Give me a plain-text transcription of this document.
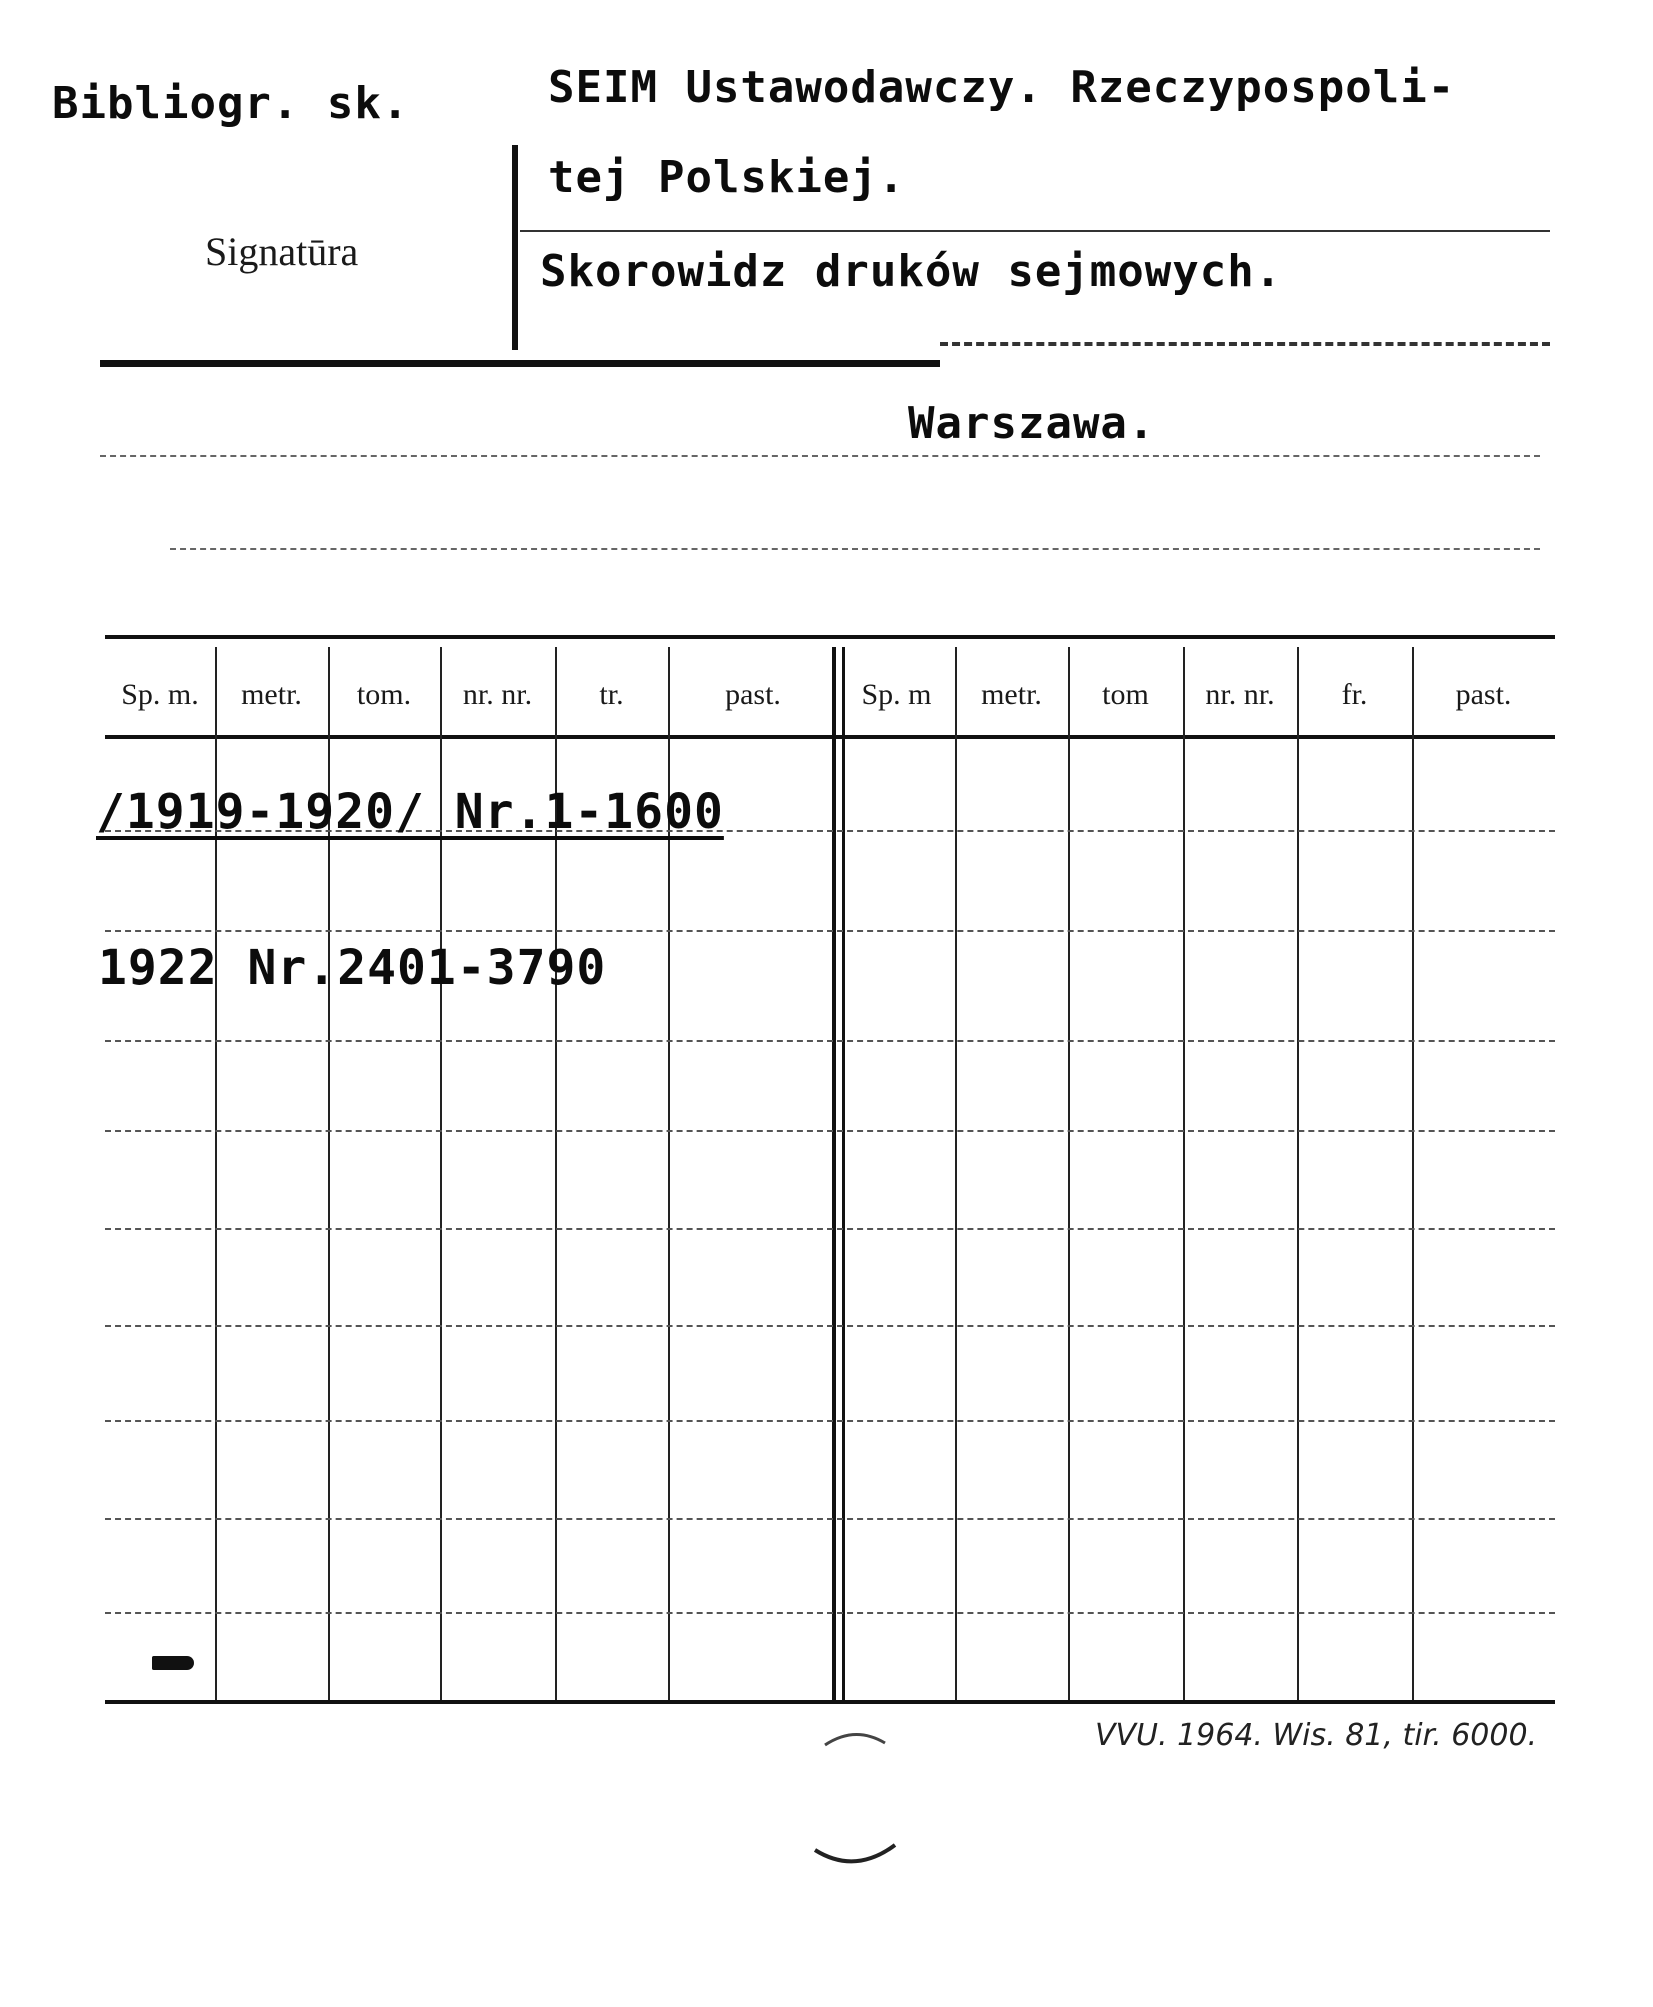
Bibliogr. sk.
Signatūra
SEIM Ustawodawczy. Rzeczypospoli-
tej Polskiej.
Skorowidz druków sejmowych.
Warszawa.
Sp. m.	metr.	tom.	nr. nr.	tr.	past.	Sp. m	metr.	tom	nr. nr.	fr.	past.
/1919-1920/ Nr.1-1600
1922 Nr.2401-3790
VVU. 1964. Wis. 81, tir. 6000.
